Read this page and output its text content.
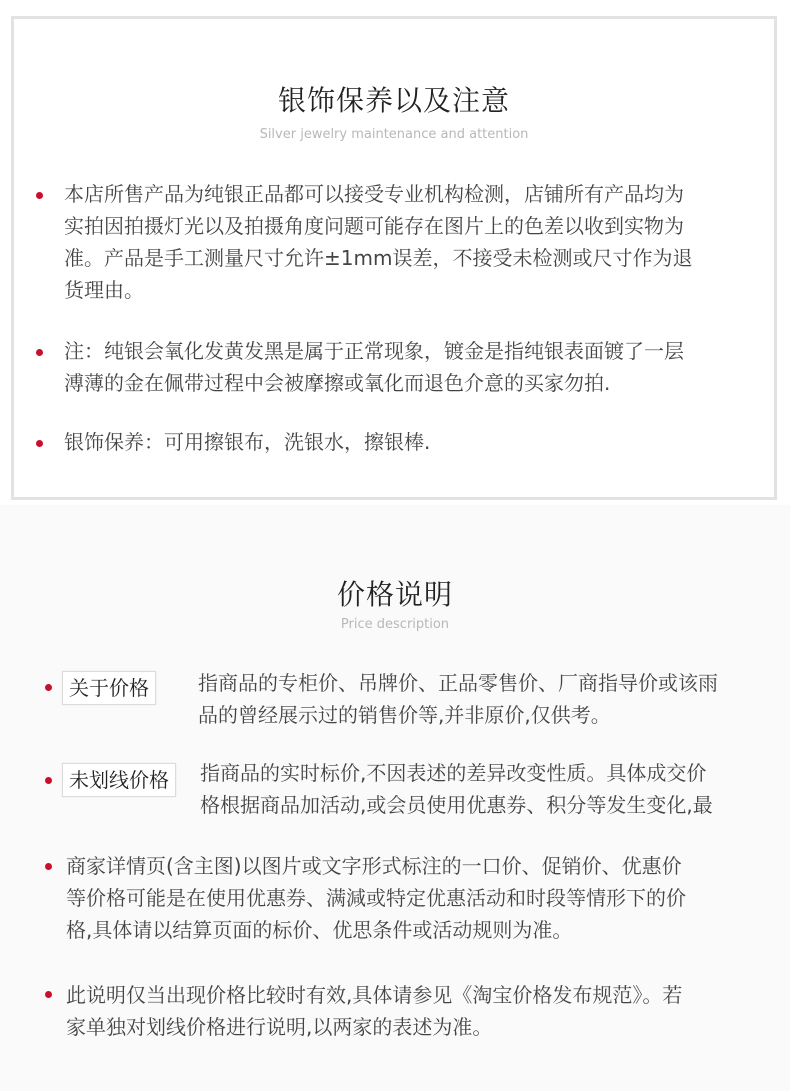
银饰保养以及注意
Silver jewelry maintenance and attention
本店所售产品为纯银正品都可以接受专业机构检测，店铺所有产品均为
实拍因拍摄灯光以及拍摄角度问题可能存在图片上的色差以收到实物为
准。产品是手工测量尺寸允许±1mm误差，不接受未检测或尺寸作为退
货理由。
注：纯银会氧化发黄发黑是属于正常现象，镀金是指纯银表面镀了一层
溥薄的金在佩带过程中会被摩擦或氧化而退色介意的买家勿拍.
银饰保养：可用擦银布，洗银水，擦银棒.
价格说明
Price description
关于价格	指商品的专柜价、吊牌价、正品零售价、厂商指导价或该雨
品的曾经展示过的销售价等,并非原价,仅供考。
未划线价格	指商品的实时标价,不因表述的差异改变性质。具体成交价
格根据商品加活动,或会员使用优惠券、积分等发生变化,最
商家详情页(含主图)以图片或文字形式标注的一口价、促销价、优惠价
等价格可能是在使用优惠券、满減或特定优惠活动和时段等情形下的价
格,具体请以结算页面的标价、优思条件或活动规则为准。
此说明仅当出现价格比较时有效,具体请参见《淘宝价格发布规范》。若
家单独对划线价格进行说明,以两家的表述为准。
